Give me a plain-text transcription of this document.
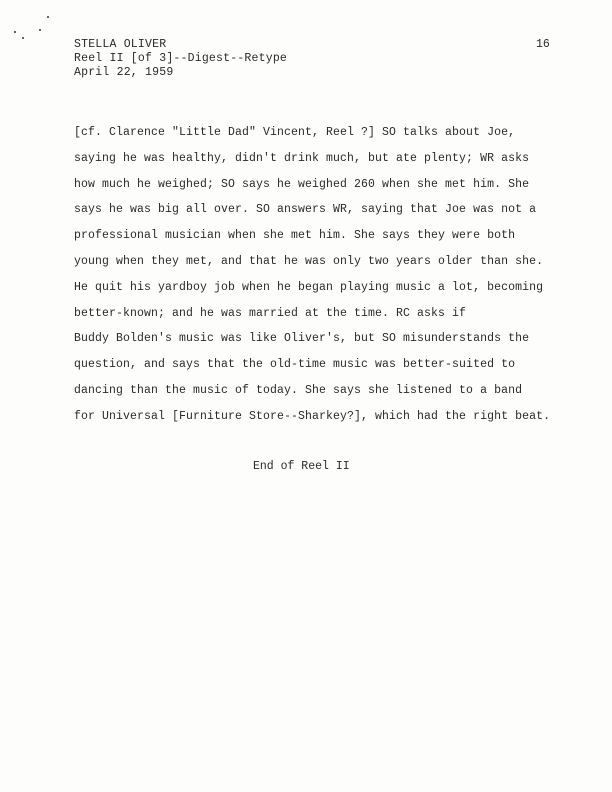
STELLA OLIVER
Reel II [of 3]--Digest--Retype
April 22, 1959
16
[cf. Clarence "Little Dad" Vincent, Reel ?] SO talks about Joe,
saying he was healthy, didn't drink much, but ate plenty; WR asks
how much he weighed; SO says he weighed 260 when she met him. She
says he was big all over. SO answers WR, saying that Joe was not a
professional musician when she met him. She says they were both
young when they met, and that he was only two years older than she.
He quit his yardboy job when he began playing music a lot, becoming
better-known; and he was married at the time. RC asks if
Buddy Bolden's music was like Oliver's, but SO misunderstands the
question, and says that the old-time music was better-suited to
dancing than the music of today. She says she listened to a band
for Universal [Furniture Store--Sharkey?], which had the right beat.
End of Reel II
